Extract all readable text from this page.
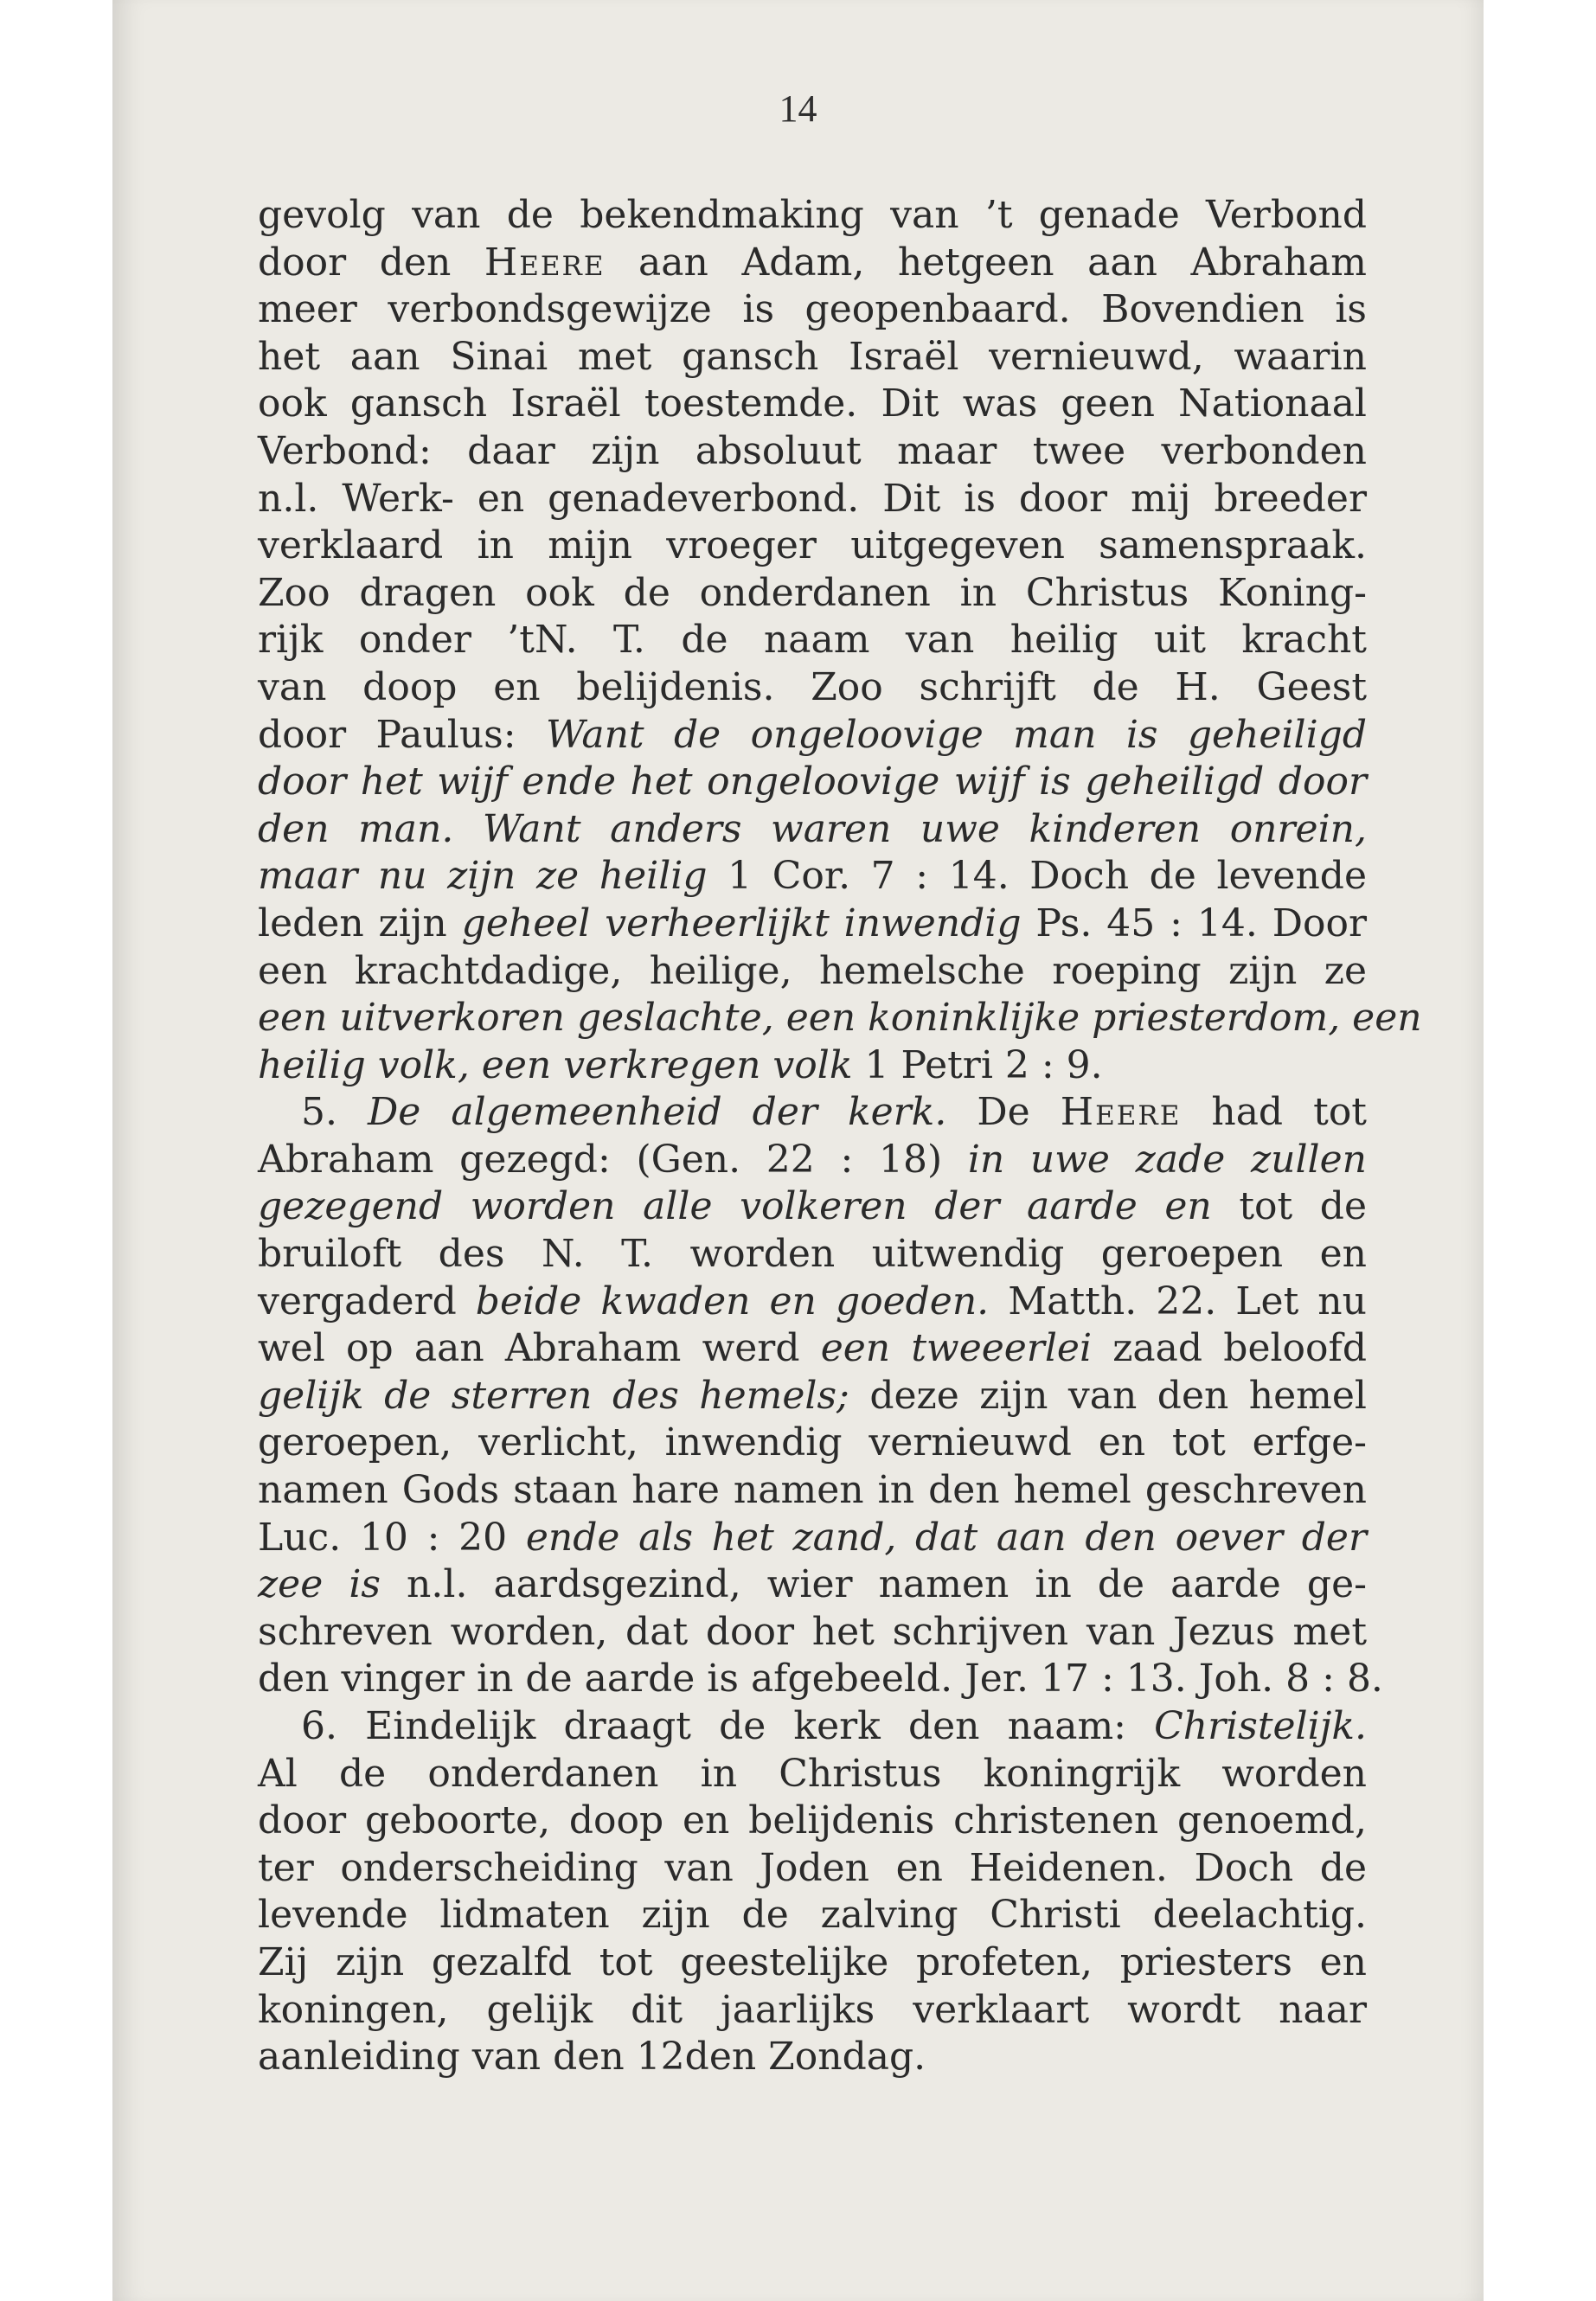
14
gevolg van de bekendmaking van ’t genade Verbond
door den Heere aan Adam, hetgeen aan Abraham
meer verbondsgewijze is geopenbaard. Bovendien is
het aan Sinai met gansch Israël vernieuwd, waarin
ook gansch Israël toestemde. Dit was geen Nationaal
Verbond: daar zijn absoluut maar twee verbonden
n.l. Werk- en genadeverbond. Dit is door mij breeder
verklaard in mijn vroeger uitgegeven samenspraak.
Zoo dragen ook de onderdanen in Christus Koning-
rijk onder ’tN. T. de naam van heilig uit kracht
van doop en belijdenis. Zoo schrijft de H. Geest
door Paulus: Want de ongeloovige man is geheiligd
door het wijf ende het ongeloovige wijf is geheiligd door
den man. Want anders waren uwe kinderen onrein,
maar nu zijn ze heilig 1 Cor. 7 : 14. Doch de levende
leden zijn geheel verheerlijkt inwendig Ps. 45 : 14. Door
een krachtdadige, heilige, hemelsche roeping zijn ze
een uitverkoren geslachte, een koninklijke priesterdom, een
heilig volk, een verkregen volk 1 Petri 2 : 9.
5. De algemeenheid der kerk. De Heere had tot
Abraham gezegd: (Gen. 22 : 18) in uwe zade zullen
gezegend worden alle volkeren der aarde en tot de
bruiloft des N. T. worden uitwendig geroepen en
vergaderd beide kwaden en goeden. Matth. 22. Let nu
wel op aan Abraham werd een tweeerlei zaad beloofd
gelijk de sterren des hemels; deze zijn van den hemel
geroepen, verlicht, inwendig vernieuwd en tot erfge-
namen Gods staan hare namen in den hemel geschreven
Luc. 10 : 20 ende als het zand, dat aan den oever der
zee is n.l. aardsgezind, wier namen in de aarde ge-
schreven worden, dat door het schrijven van Jezus met
den vinger in de aarde is afgebeeld. Jer. 17 : 13. Joh. 8 : 8.
6. Eindelijk draagt de kerk den naam: Christelijk.
Al de onderdanen in Christus koningrijk worden
door geboorte, doop en belijdenis christenen genoemd,
ter onderscheiding van Joden en Heidenen. Doch de
levende lidmaten zijn de zalving Christi deelachtig.
Zij zijn gezalfd tot geestelijke profeten, priesters en
koningen, gelijk dit jaarlijks verklaart wordt naar
aanleiding van den 12den Zondag.
